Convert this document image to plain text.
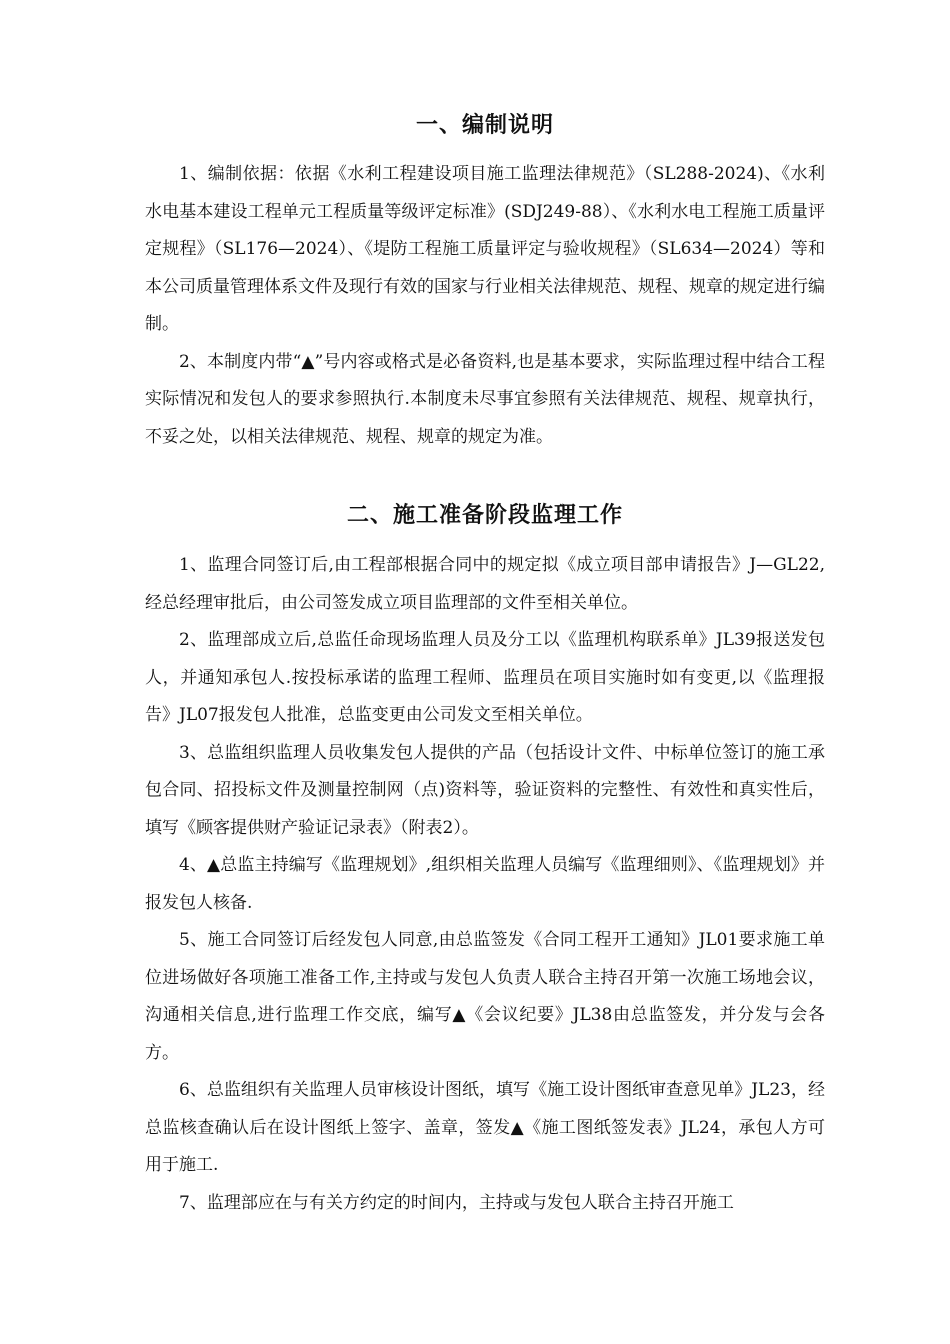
一、编制说明

1、编制依据：依据《水利工程建设项目施工监理法律规范》（SL288-2024)、《水利水电基本建设工程单元工程质量等级评定标准》(SDJ249-88）、《水利水电工程施工质量评定规程》（SL176—2024）、《堤防工程施工质量评定与验收规程》（SL634—2024）等和本公司质量管理体系文件及现行有效的国家与行业相关法律规范、规程、规章的规定进行编制。

2、本制度内带“▲”号内容或格式是必备资料,也是基本要求，实际监理过程中结合工程实际情况和发包人的要求参照执行.本制度未尽事宜参照有关法律规范、规程、规章执行，不妥之处，以相关法律规范、规程、规章的规定为准。

二、施工准备阶段监理工作

1、监理合同签订后,由工程部根据合同中的规定拟《成立项目部申请报告》J—GL22,经总经理审批后，由公司签发成立项目监理部的文件至相关单位。

2、监理部成立后,总监任命现场监理人员及分工以《监理机构联系单》JL39报送发包人，并通知承包人.按投标承诺的监理工程师、监理员在项目实施时如有变更,以《监理报告》JL07报发包人批准，总监变更由公司发文至相关单位。

3、总监组织监理人员收集发包人提供的产品（包括设计文件、中标单位签订的施工承包合同、招投标文件及测量控制网（点)资料等，验证资料的完整性、有效性和真实性后，填写《顾客提供财产验证记录表》（附表2）。

4、▲总监主持编写《监理规划》,组织相关监理人员编写《监理细则》、《监理规划》并报发包人核备.

5、施工合同签订后经发包人同意,由总监签发《合同工程开工通知》JL01要求施工单位进场做好各项施工准备工作,主持或与发包人负责人联合主持召开第一次施工场地会议，沟通相关信息,进行监理工作交底，编写▲《会议纪要》JL38由总监签发，并分发与会各方。

6、总监组织有关监理人员审核设计图纸，填写《施工设计图纸审查意见单》JL23，经总监核查确认后在设计图纸上签字、盖章，签发▲《施工图纸签发表》JL24，承包人方可用于施工.

7、监理部应在与有关方约定的时间内，主持或与发包人联合主持召开施工
